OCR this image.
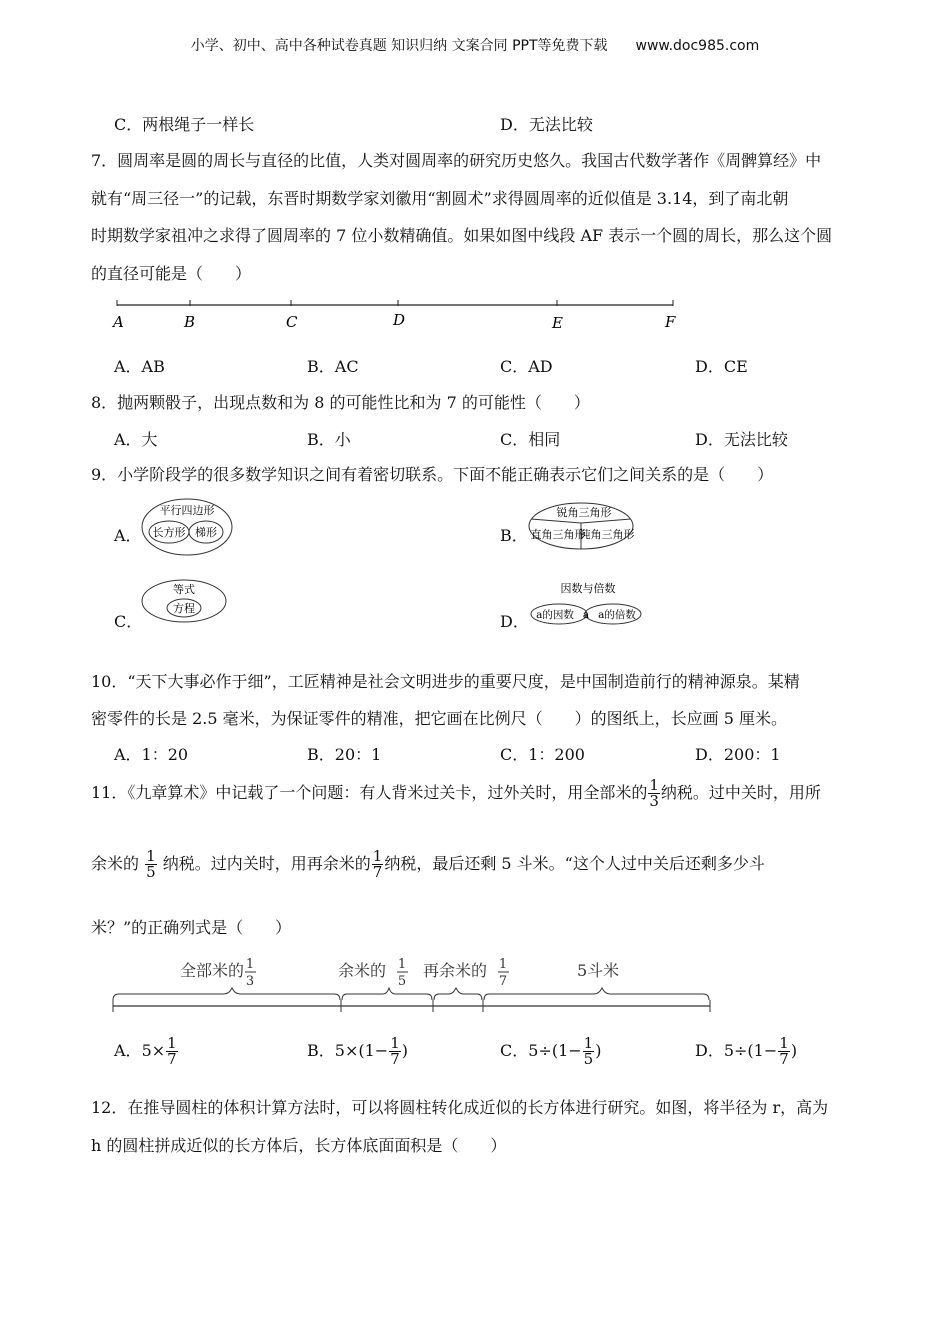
小学、初中、高中各种试卷真题 知识归纳 文案合同 PPT等免费下载 www.doc985.com
C．两根绳子一样长	D．无法比较
7．圆周率是圆的周长与直径的比值，人类对圆周率的研究历史悠久。我国古代数学著作《周髀算经》中
就有“周三径一”的记载，东晋时期数学家刘徽用“割圆术”求得圆周率的近似值是 3.14，到了南北朝
时期数学家祖冲之求得了圆周率的 7 位小数精确值。如果如图中线段 AF 表示一个圆的周长，那么这个圆
的直径可能是（　　）
A	B	C	D	E	F
A．AB	B．AC	C．AD	D．CE
8．抛两颗骰子，出现点数和为 8 的可能性比和为 7 的可能性（　　）
A．大	B．小	C．相同	D．无法比较
9．小学阶段学的很多数学知识之间有着密切联系。下面不能正确表示它们之间关系的是（　　）
A．
平行四边形
长方形 梯形	B．
锐角三角形
直角三角形
钝角三角形
C．
等式
方程
D．
因数与倍数
a的因数 a a的倍数
10．“天下大事必作于细”，工匠精神是社会文明进步的重要尺度，是中国制造前行的精神源泉。某精
密零件的长是 2.5 毫米，为保证零件的精准，把它画在比例尺（　　）的图纸上，长应画 5 厘米。
A．1：20	B．20：1	C．1：200	D．200：1
11．《九章算术》中记载了一个问题：有人背米过关卡，过外关时，用全部米的 $\frac{1}{3}$ 纳税。过中关时，用所
余米的 $\frac{1}{5}$ 纳税。过内关时，用再余米的 $\frac{1}{7}$ 纳税，最后还剩 5 斗米。“这个人过中关后还剩多少斗
米？”的正确列式是（　　）
全部米的 1
3
余米的 1
5
再余米的 1
7
5斗米
A．$5\times \frac{1}{7}$	B．$5\times(1- \frac{1}{7}$ )	C．$5\div(1- \frac{1}{5}$ )	D．$5\div(1- \frac{1}{7}$ )
12．在推导圆柱的体积计算方法时，可以将圆柱转化成近似的长方体进行研究。如图，将半径为 r，高为
h 的圆柱拼成近似的长方体后，长方体底面面积是（　　）
